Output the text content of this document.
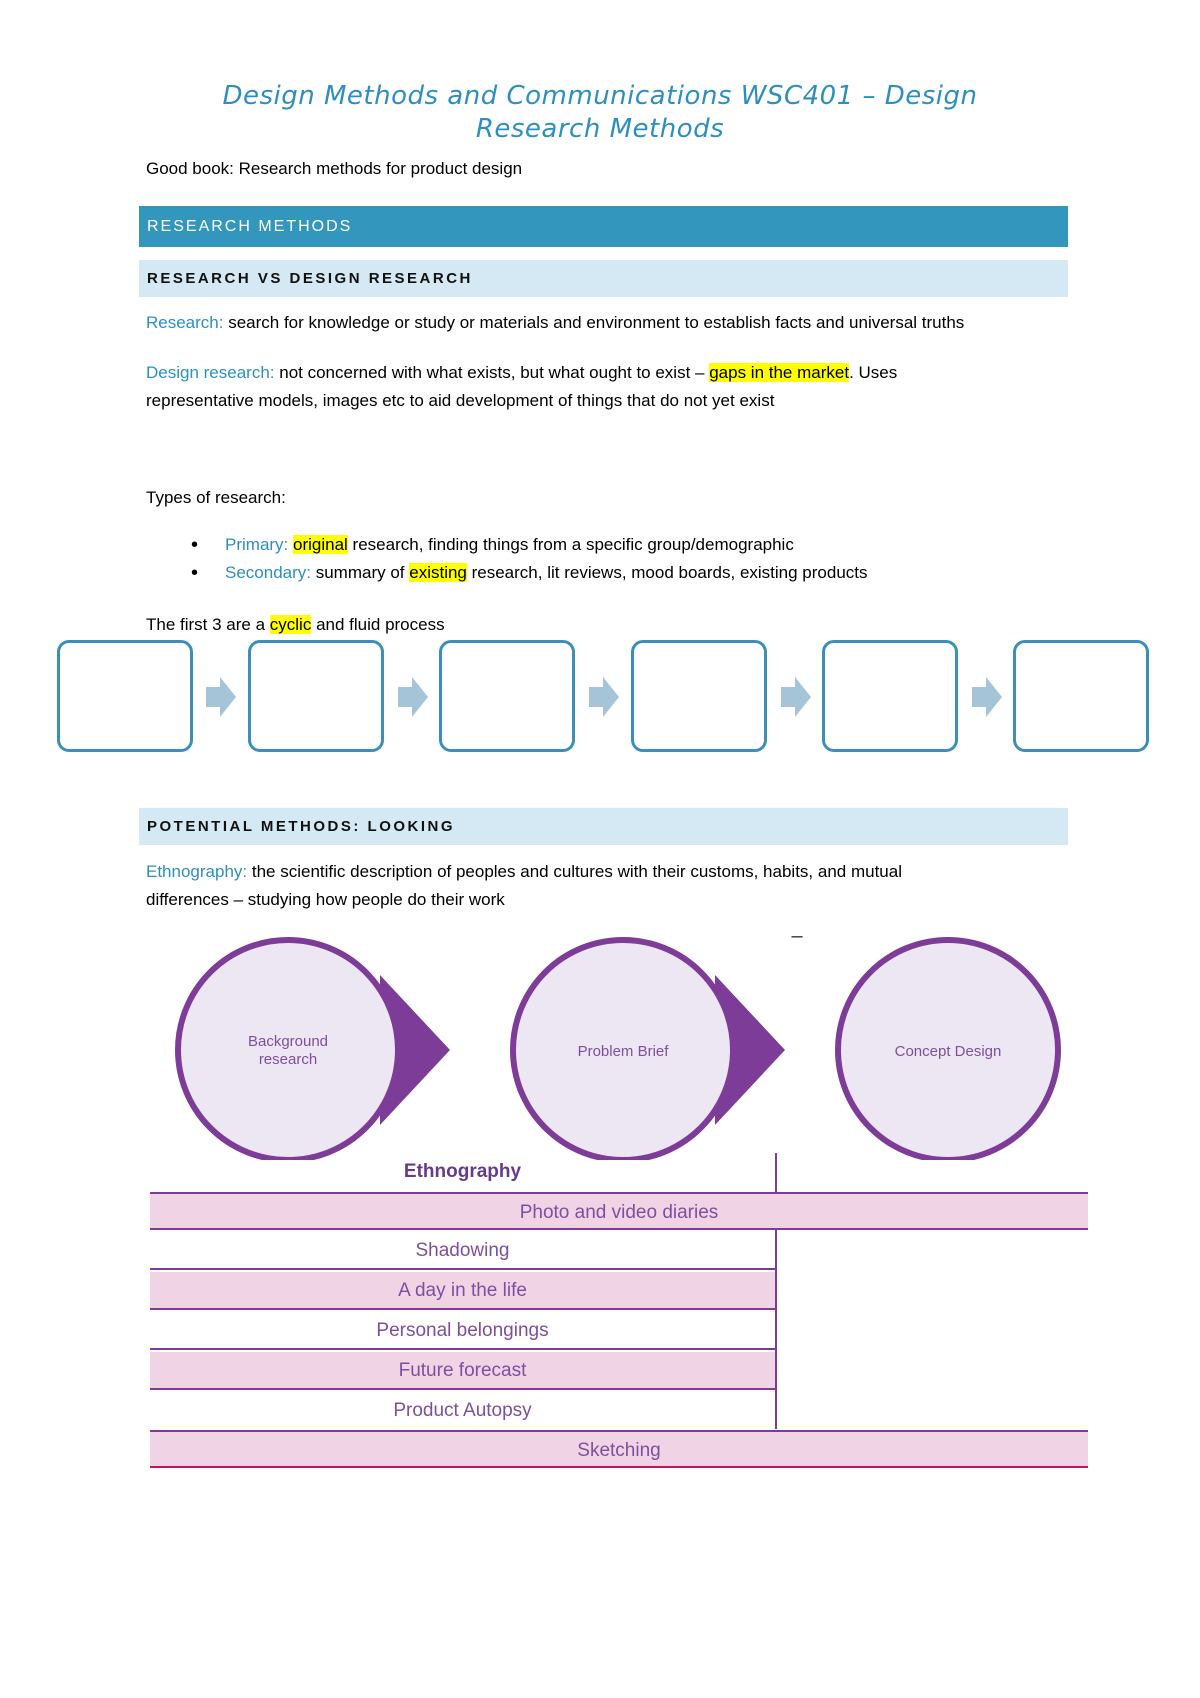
Design Methods and Communications WSC401 – Design
Research Methods
Good book: Research methods for product design
RESEARCH METHODS
RESEARCH VS DESIGN RESEARCH
Research: search for knowledge or study or materials and environment to establish facts and universal truths
Design research: not concerned with what exists, but what ought to exist – gaps in the market. Uses
representative models, images etc to aid development of things that do not yet exist
Types of research:
• Primary: original research, finding things from a specific group/demographic
• Secondary: summary of existing research, lit reviews, mood boards, existing products
The first 3 are a cyclic and fluid process
POTENTIAL METHODS: LOOKING
Ethnography: the scientific description of peoples and cultures with their customs, habits, and mutual
differences – studying how people do their work
Background
research	Problem Brief	Concept Design
–
Ethnography
Photo and video diaries
Shadowing
A day in the life
Personal belongings
Future forecast
Product Autopsy
Sketching
